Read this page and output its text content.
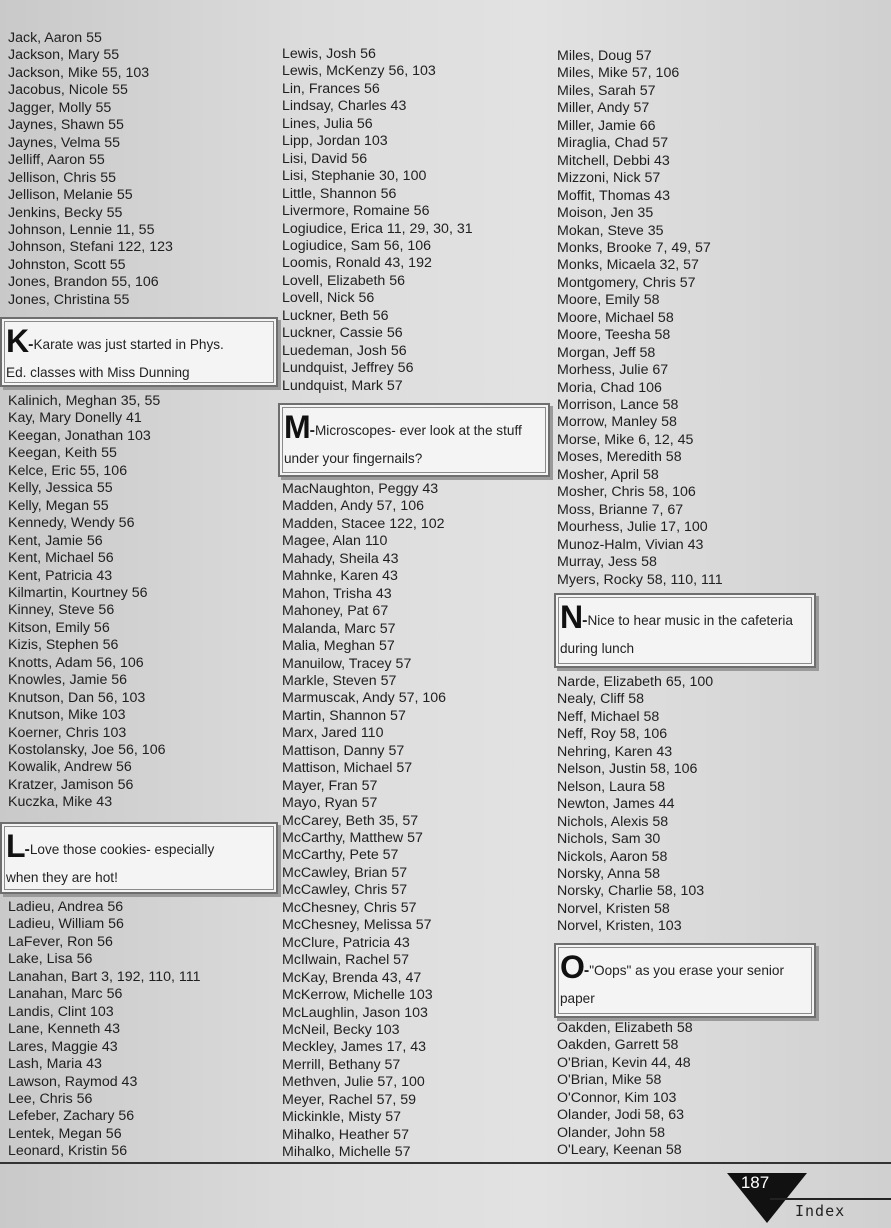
Jack, Aaron 55
Jackson, Mary 55
Jackson, Mike 55, 103
Jacobus, Nicole 55
Jagger, Molly 55
Jaynes, Shawn 55
Jaynes, Velma 55
Jelliff, Aaron 55
Jellison, Chris 55
Jellison, Melanie 55
Jenkins, Becky 55
Johnson, Lennie 11, 55
Johnson, Stefani 122, 123
Johnston, Scott 55
Jones, Brandon 55, 106
Jones, Christina 55
Kalinich, Meghan 35, 55
Kay, Mary Donelly 41
Keegan, Jonathan 103
Keegan, Keith 55
Kelce, Eric 55, 106
Kelly, Jessica 55
Kelly, Megan 55
Kennedy, Wendy 56
Kent, Jamie 56
Kent, Michael 56
Kent, Patricia 43
Kilmartin, Kourtney 56
Kinney, Steve 56
Kitson, Emily 56
Kizis, Stephen 56
Knotts, Adam 56, 106
Knowles, Jamie 56
Knutson, Dan 56, 103
Knutson, Mike 103
Koerner, Chris 103
Kostolansky, Joe 56, 106
Kowalik, Andrew 56
Kratzer, Jamison 56
Kuczka, Mike 43
Ladieu, Andrea 56
Ladieu, William 56
LaFever, Ron 56
Lake, Lisa 56
Lanahan, Bart 3, 192, 110, 111
Lanahan, Marc 56
Landis, Clint 103
Lane, Kenneth 43
Lares, Maggie 43
Lash, Maria 43
Lawson, Raymod 43
Lee, Chris 56
Lefeber, Zachary 56
Lentek, Megan 56
Leonard, Kristin 56
K-Karate was just started in Phys.
Ed. classes with Miss Dunning
L-Love those cookies- especially
when they are hot!
Lewis, Josh 56
Lewis, McKenzy 56, 103
Lin, Frances 56
Lindsay, Charles 43
Lines, Julia 56
Lipp, Jordan 103
Lisi, David 56
Lisi, Stephanie 30, 100
Little, Shannon 56
Livermore, Romaine 56
Logiudice, Erica 11, 29, 30, 31
Logiudice, Sam 56, 106
Loomis, Ronald 43, 192
Lovell, Elizabeth 56
Lovell, Nick 56
Luckner, Beth 56
Luckner, Cassie 56
Luedeman, Josh 56
Lundquist, Jeffrey 56
Lundquist, Mark 57
MacNaughton, Peggy 43
Madden, Andy 57, 106
Madden, Stacee 122, 102
Magee, Alan 110
Mahady, Sheila 43
Mahnke, Karen 43
Mahon, Trisha 43
Mahoney, Pat 67
Malanda, Marc 57
Malia, Meghan 57
Manuilow, Tracey 57
Markle, Steven 57
Marmuscak, Andy 57, 106
Martin, Shannon 57
Marx, Jared 110
Mattison, Danny 57
Mattison, Michael 57
Mayer, Fran 57
Mayo, Ryan 57
McCarey, Beth 35, 57
McCarthy, Matthew 57
McCarthy, Pete 57
McCawley, Brian 57
McCawley, Chris 57
McChesney, Chris 57
McChesney, Melissa 57
McClure, Patricia 43
McIlwain, Rachel 57
McKay, Brenda 43, 47
McKerrow, Michelle 103
McLaughlin, Jason 103
McNeil, Becky 103
Meckley, James 17, 43
Merrill, Bethany 57
Methven, Julie 57, 100
Meyer, Rachel 57, 59
Mickinkle, Misty 57
Mihalko, Heather 57
Mihalko, Michelle 57
M-Microscopes- ever look at the stuff
under your fingernails?
Miles, Doug 57
Miles, Mike 57, 106
Miles, Sarah 57
Miller, Andy 57
Miller, Jamie 66
Miraglia, Chad 57
Mitchell, Debbi 43
Mizzoni, Nick 57
Moffit, Thomas 43
Moison, Jen 35
Mokan, Steve 35
Monks, Brooke 7, 49, 57
Monks, Micaela 32, 57
Montgomery, Chris 57
Moore, Emily 58
Moore, Michael 58
Moore, Teesha 58
Morgan, Jeff 58
Morhess, Julie 67
Moria, Chad 106
Morrison, Lance 58
Morrow, Manley 58
Morse, Mike 6, 12, 45
Moses, Meredith 58
Mosher, April 58
Mosher, Chris 58, 106
Moss, Brianne 7, 67
Mourhess, Julie 17, 100
Munoz-Halm, Vivian 43
Murray, Jess 58
Myers, Rocky 58, 110, 111
Narde, Elizabeth 65, 100
Nealy, Cliff 58
Neff, Michael 58
Neff, Roy 58, 106
Nehring, Karen 43
Nelson, Justin 58, 106
Nelson, Laura 58
Newton, James 44
Nichols, Alexis 58
Nichols, Sam 30
Nickols, Aaron 58
Norsky, Anna 58
Norsky, Charlie 58, 103
Norvel, Kristen 58
Norvel, Kristen, 103
Oakden, Elizabeth 58
Oakden, Garrett 58
O'Brian, Kevin 44, 48
O'Brian, Mike 58
O'Connor, Kim 103
Olander, Jodi 58, 63
Olander, John 58
O'Leary, Keenan 58
N-Nice to hear music in the cafeteria
during lunch
O-"Oops" as you erase your senior
paper
187
Index
